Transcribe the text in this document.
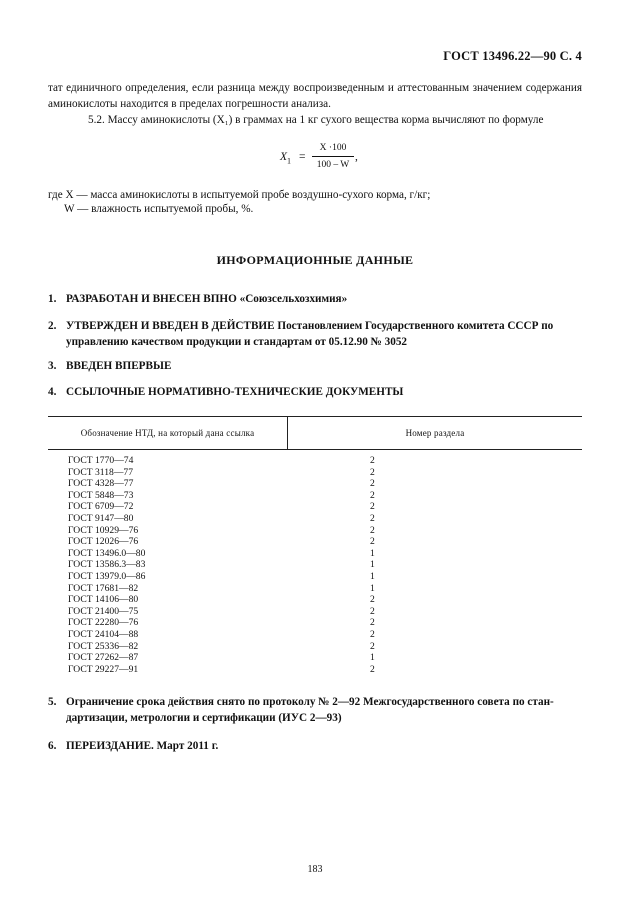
ГОСТ 13496.22—90 С. 4
тат единичного определения, если разница между воспроизведенным и аттестованным значением содержания аминокислоты находится в пределах погрешности анализа.
5.2. Массу аминокислоты (X₁) в граммах на 1 кг сухого вещества корма вычисляют по формуле
$X_1$ =
X ·100
100 – W
,
где X — масса аминокислоты в испытуемой пробе воздушно-сухого корма, г/кг;
W — влажность испытуемой пробы, %.
ИНФОРМАЦИОННЫЕ ДАННЫЕ
1. РАЗРАБОТАН И ВНЕСЕН ВПНО «Союзсельхозхимия»
2. УТВЕРЖДЕН И ВВЕДЕН В ДЕЙСТВИЕ Постановлением Государственного комитета СССР по
управлению качеством продукции и стандартам от 05.12.90 № 3052
3. ВВЕДЕН ВПЕРВЫЕ
4. ССЫЛОЧНЫЕ НОРМАТИВНО-ТЕХНИЧЕСКИЕ ДОКУМЕНТЫ
Обозначение НТД, на который дана ссылка	Номер раздела
ГОСТ 1770—74	2
ГОСТ 3118—77	2
ГОСТ 4328—77	2
ГОСТ 5848—73	2
ГОСТ 6709—72	2
ГОСТ 9147—80	2
ГОСТ 10929—76	2
ГОСТ 12026—76	2
ГОСТ 13496.0—80	1
ГОСТ 13586.3—83	1
ГОСТ 13979.0—86	1
ГОСТ 17681—82	1
ГОСТ 14106—80	2
ГОСТ 21400—75	2
ГОСТ 22280—76	2
ГОСТ 24104—88	2
ГОСТ 25336—82	2
ГОСТ 27262—87	1
ГОСТ 29227—91	2
5. Ограничение срока действия снято по протоколу № 2—92 Межгосударственного совета по стан-
дартизации, метрологии и сертификации (ИУС 2—93)
6. ПЕРЕИЗДАНИЕ. Март 2011 г.
183
